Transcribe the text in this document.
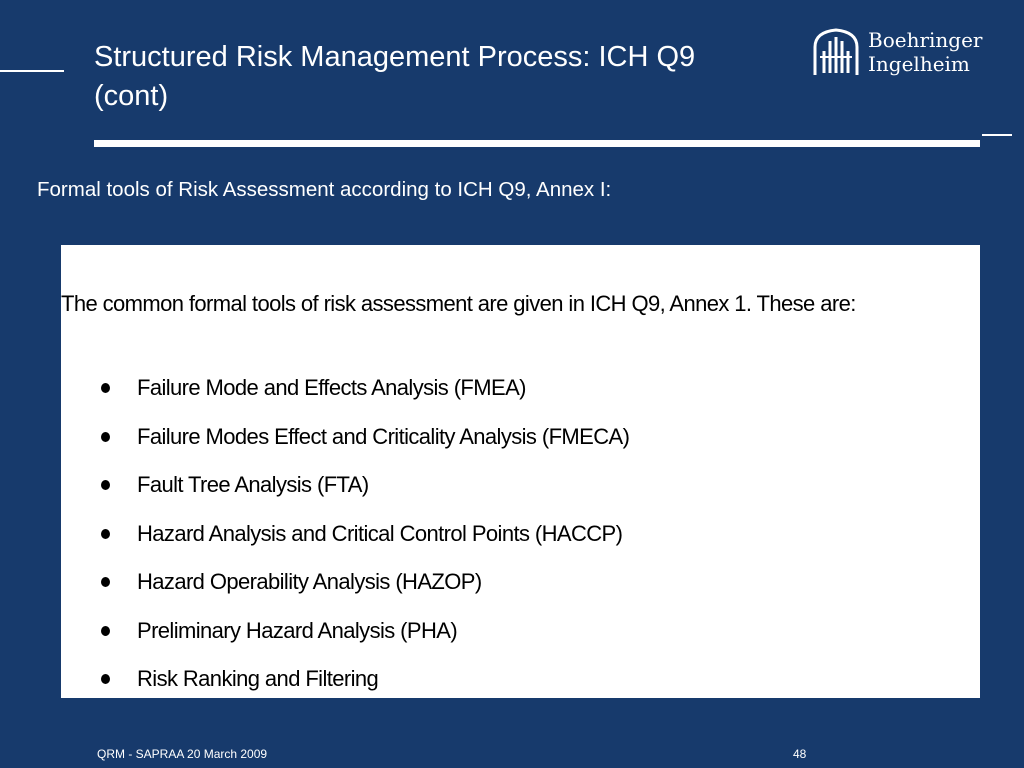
Structured Risk Management Process: ICH Q9
(cont)
Boehringer
Ingelheim
Formal tools of Risk Assessment according to ICH Q9, Annex I:
The common formal tools of risk assessment are given in ICH Q9, Annex 1. These are:
Failure Mode and Effects Analysis (FMEA)
Failure Modes Effect and Criticality Analysis (FMECA)
Fault Tree Analysis (FTA)
Hazard Analysis and Critical Control Points (HACCP)
Hazard Operability Analysis (HAZOP)
Preliminary Hazard Analysis (PHA)
Risk Ranking and Filtering
QRM - SAPRAA 20 March 2009	48
